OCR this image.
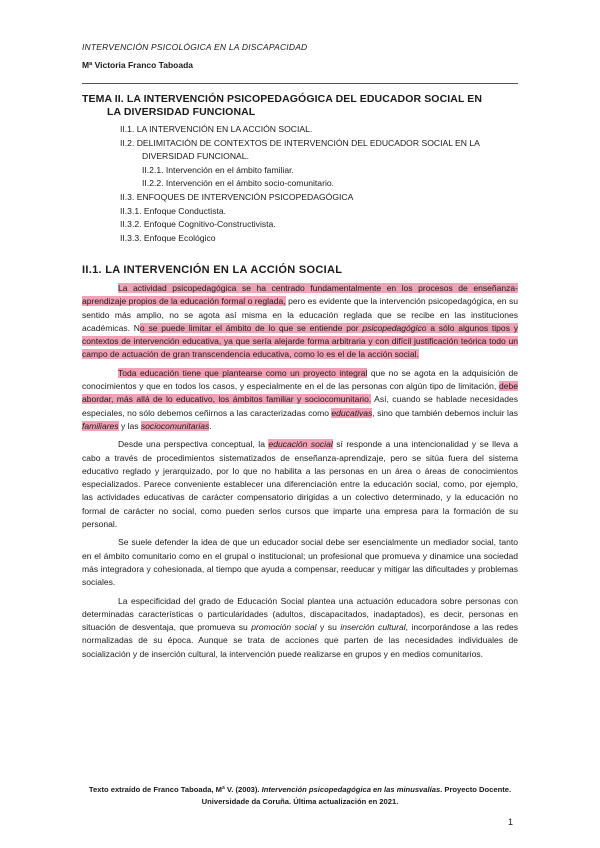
INTERVENCIÓN PSICOLÓGICA EN LA DISCAPACIDAD
Mª Victoria Franco Taboada
TEMA II. LA INTERVENCIÓN PSICOPEDAGÓGICA DEL EDUCADOR SOCIAL EN
LA DIVERSIDAD FUNCIONAL
II.1. LA INTERVENCIÓN EN LA ACCIÓN SOCIAL.
II.2. DELIMITACIÓN DE CONTEXTOS DE INTERVENCIÓN DEL EDUCADOR SOCIAL EN LA
DIVERSIDAD FUNCIONAL.
II.2.1. Intervención en el ámbito familiar.
II.2.2. Intervención en el ámbito socio-comunitario.
II.3. ENFOQUES DE INTERVENCIÓN PSICOPEDAGÓGICA
II.3.1. Enfoque Conductista.
II.3.2. Enfoque Cognitivo-Constructivista.
II.3.3. Enfoque Ecológico
II.1. LA INTERVENCIÓN EN LA ACCIÓN SOCIAL

La actividad psicopedagógica se ha centrado fundamentalmente en los procesos de enseñanza-aprendizaje propios de la educación formal o reglada, pero es evidente que la intervención psicopedagógica, en su sentido más amplio, no se agota así misma en la educación reglada que se recibe en las instituciones académicas. No se puede limitar el ámbito de lo que se entiende por psicopedagógico a sólo algunos tipos y contextos de intervención educativa, ya que sería alejarde forma arbitraria y con difícil justificación teórica todo un campo de actuación de gran transcendencia educativa, como lo es el de la acción social.

Toda educación tiene que plantearse como un proyecto integral que no se agota en la adquisición de conocimientos y que en todos los casos, y especialmente en el de las personas con algún tipo de limitación, debe abordar, más allá de lo educativo, los ámbitos familiar y sociocomunitario. Así, cuando se hablade necesidades especiales, no sólo debemos ceñirnos a las caracterizadas como educativas, sino que también debemos incluir las familiares y las sociocomunitarias.

Desde una perspectiva conceptual, la educación social sí responde a una intencionalidad y se lleva a cabo a través de procedimientos sistematizados de enseñanza-aprendizaje, pero se sitúa fuera del sistema educativo reglado y jerarquizado, por lo que no habilita a las personas en un área o áreas de conocimientos especializados. Parece conveniente establecer una diferenciación entre la educación social, como, por ejemplo, las actividades educativas de carácter compensatorio dirigidas a un colectivo determinado, y la educación no formal de carácter no social, como pueden serlos cursos que imparte una empresa para la formación de su personal.

Se suele defender la idea de que un educador social debe ser esencialmente un mediador social, tanto en el ámbito comunitario como en el grupal o institucional; un profesional que promueva y dinamice una sociedad más integradora y cohesionada, al tiempo que ayuda a compensar, reeducar y mitigar las dificultades y problemas sociales.

La especificidad del grado de Educación Social plantea una actuación educadora sobre personas con determinadas características o particularidades (adultos, discapacitados, inadaptados), es decir, personas en situación de desventaja, que promueva su promoción social y su inserción cultural, incorporándose a las redes normalizadas de su época. Aunque se trata de acciones que parten de las necesidades individuales de socialización y de inserción cultural, la intervención puede realizarse en grupos y en medios comunitarios.

Texto extraído de Franco Taboada, Mª V. (2003). Intervención psicopedagógica en las minusvalías. Proyecto Docente. Universidade da Coruña. Última actualización en 2021.
1
